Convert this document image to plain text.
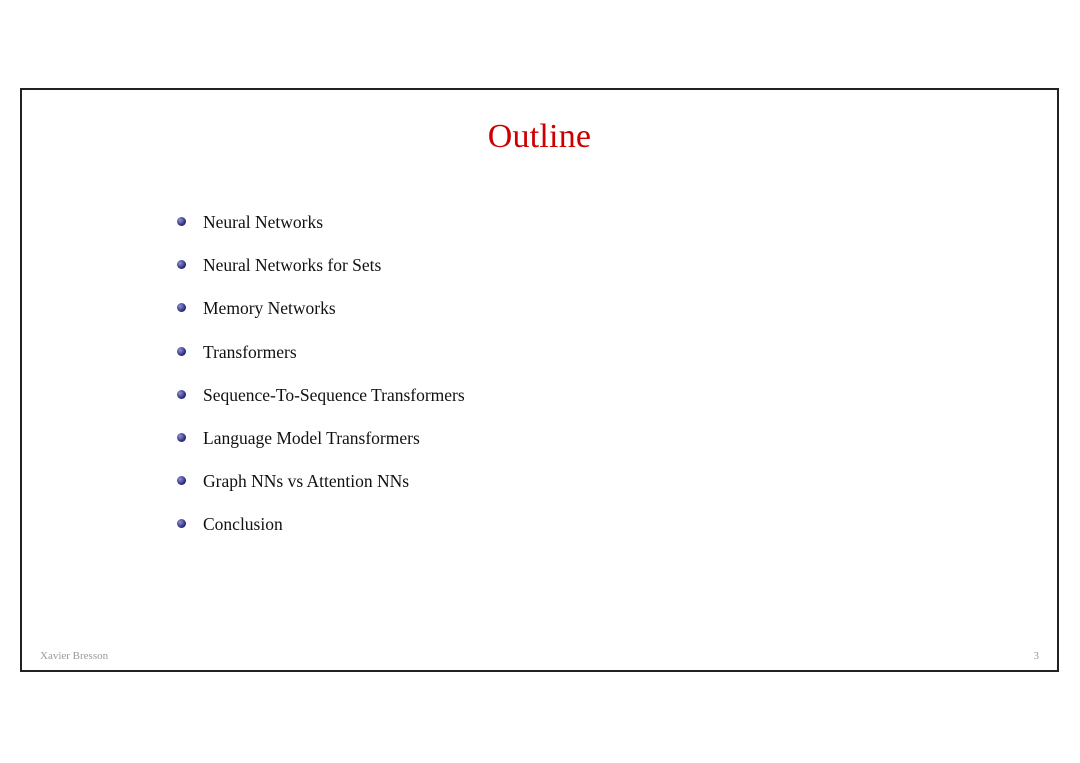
Outline
Neural Networks
Neural Networks for Sets
Memory Networks
Transformers
Sequence-To-Sequence Transformers
Language Model Transformers
Graph NNs vs Attention NNs
Conclusion
Xavier Bresson	3
